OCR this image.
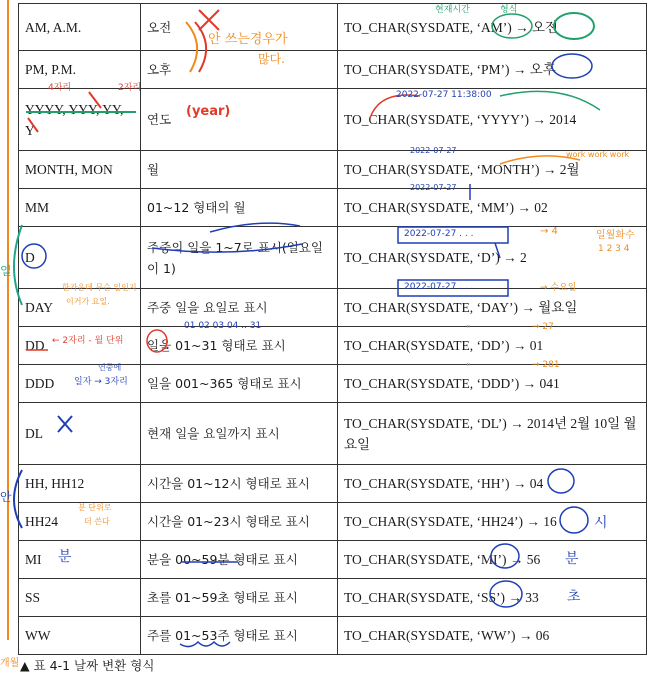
AM, A.M.	오전	TO_CHAR(SYSDATE, ‘AM’) → 오전
PM, P.M.	오후	TO_CHAR(SYSDATE, ‘PM’) → 오후
YYYY, YYY, YY, Y	연도	TO_CHAR(SYSDATE, ‘YYYY’) → 2014
MONTH, MON	월	TO_CHAR(SYSDATE, ‘MONTH’) → 2월
MM	01~12 형태의 월	TO_CHAR(SYSDATE, ‘MM’) → 02
D	주중의 일을 1~7로 표시(일요일이 1)	TO_CHAR(SYSDATE, ‘D’) → 2
DAY	주중 일을 요일로 표시	TO_CHAR(SYSDATE, ‘DAY’) → 월요일
DD	일을 01~31 형태로 표시	TO_CHAR(SYSDATE, ‘DD’) → 01
DDD	일을 001~365 형태로 표시	TO_CHAR(SYSDATE, ‘DDD’) → 041
DL	현재 일을 요일까지 표시	TO_CHAR(SYSDATE, ‘DL’) → 2014년 2월 10일 월요일
HH, HH12	시간을 01~12시 형태로 표시	TO_CHAR(SYSDATE, ‘HH’) → 04
HH24	시간을 01~23시 형태로 표시	TO_CHAR(SYSDATE, ‘HH24’) → 16
MI	분을 00~59분 형태로 표시	TO_CHAR(SYSDATE, ‘MI’) → 56
SS	초를 01~59초 형태로 표시	TO_CHAR(SYSDATE, ‘SS’) → 33
WW	주를 01~53주 형태로 표시	TO_CHAR(SYSDATE, ‘WW’) → 06
▲ 표 4-1 날짜 변환 형식
안 쓰는경우가
많다.
현재시간	형식
4자리	2자리
(year)
2022-07-27 11:38:00
2022-07-27
2022-07-27
2022-07-27 . . .
2022-07-27 . . .
work work work
→ 4	일월화수
1 2 3 4
→ 수요일
한가운데 무슨 일인지
이거가 요일.
← 2자리 - 월 단위
01 02 03 04 .. 31	"	→ 27
"	→ 281
연중에
일자 → 3자리
분 단위로
더 쓴다	시
분	분
초
일
안
개월
